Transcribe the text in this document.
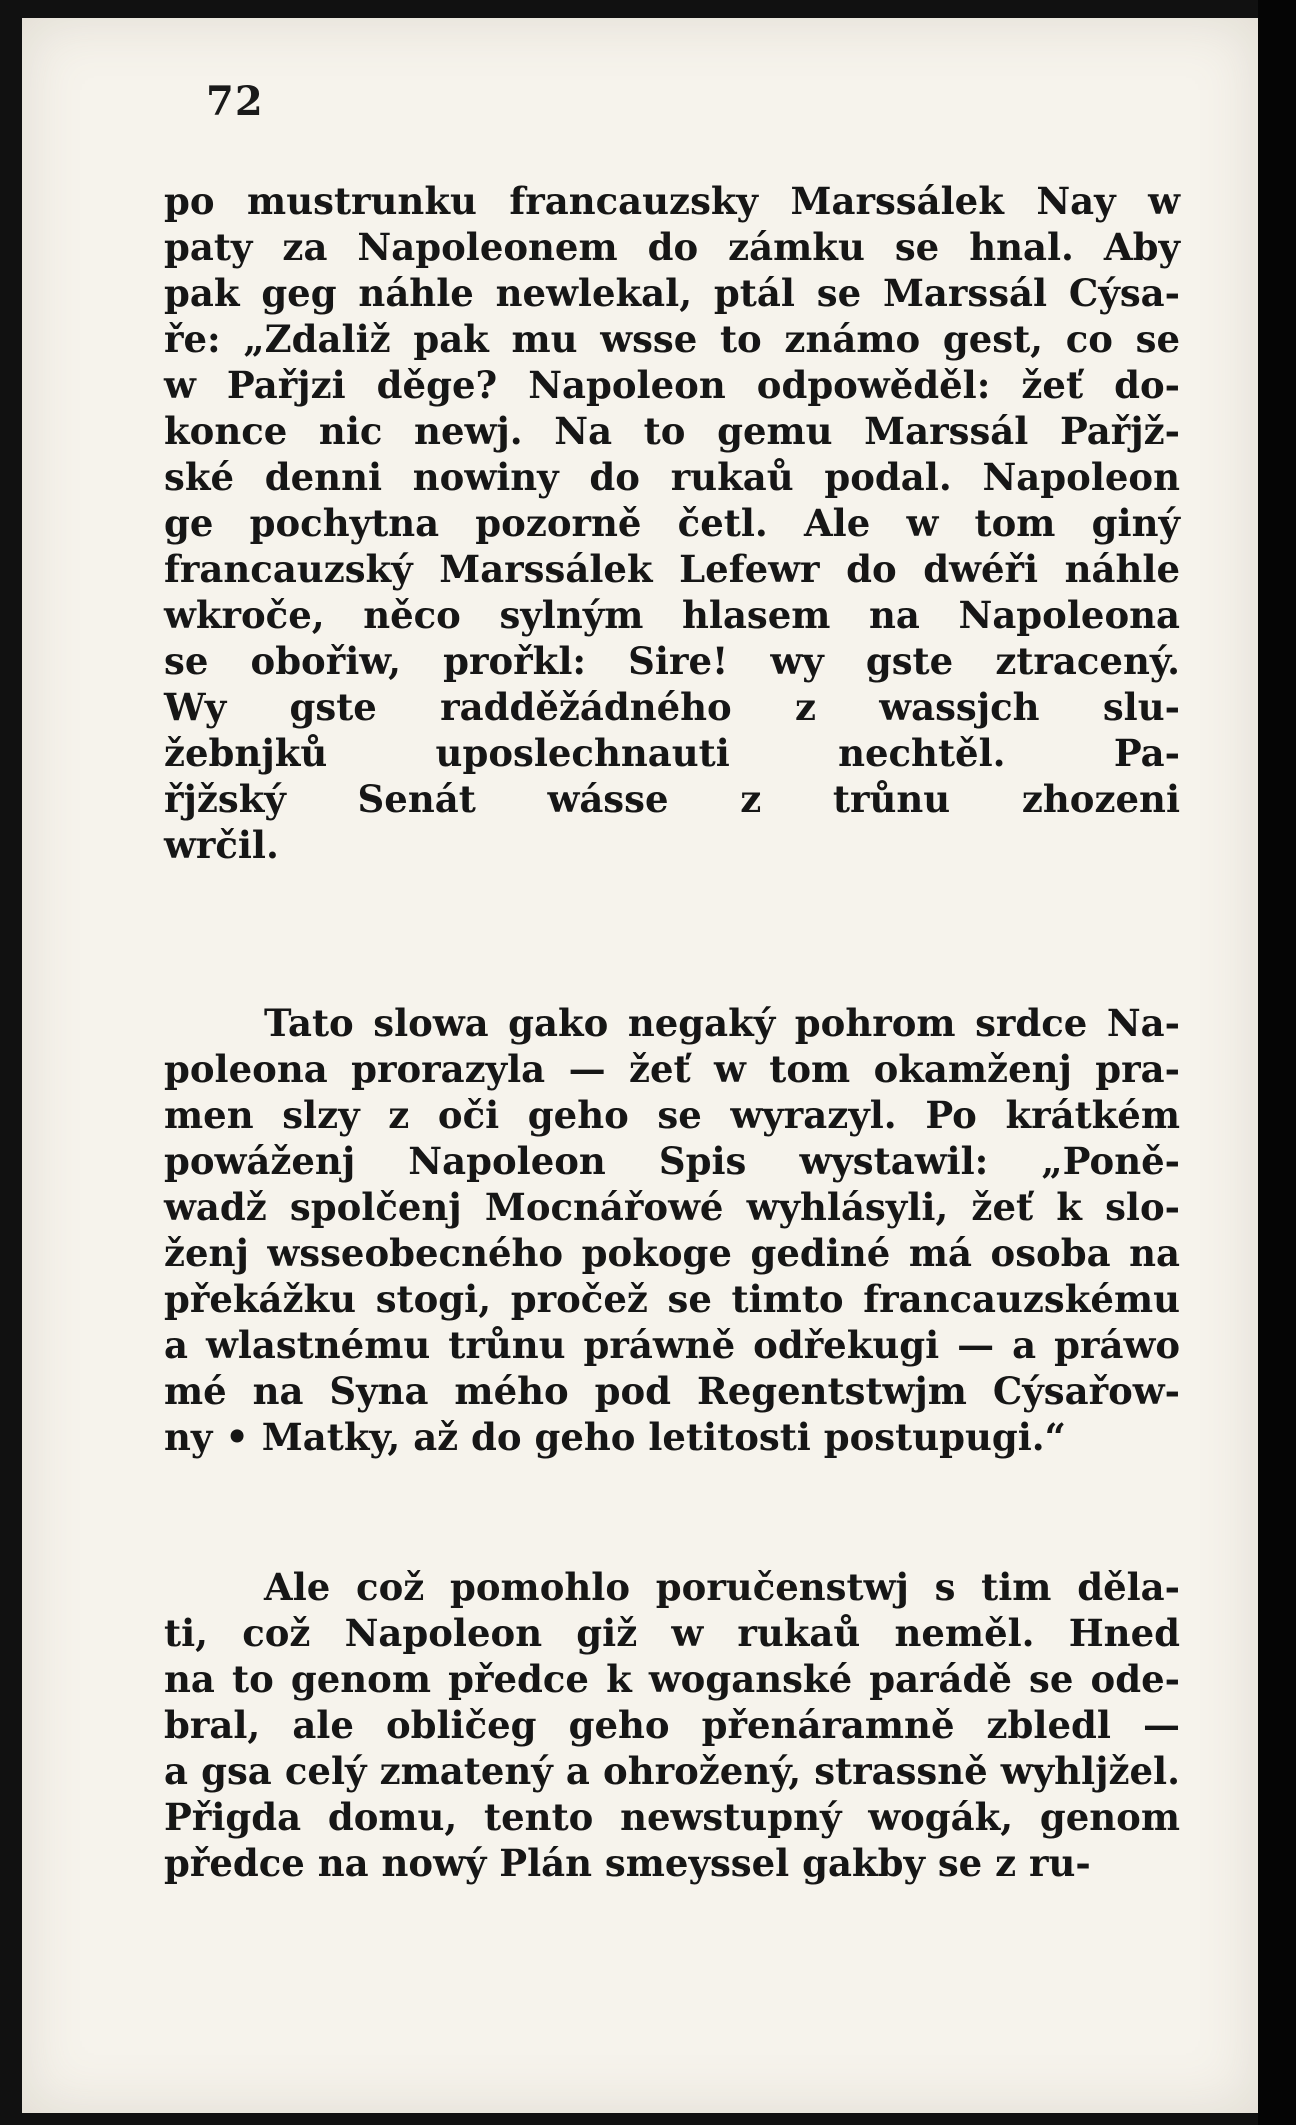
72
po mustrunku francauzsky Marssálek Nay w
paty za Napoleonem do zámku se hnal. Aby
pak geg náhle newlekal, ptál se Marssál Cýsa-
ře: „Zdaliž pak mu wsse to známo gest, co se
w Pařjzi děge? Napoleon odpowěděl: žeť do-
konce nic newj. Na to gemu Marssál Pařjž-
ské denni nowiny do rukaů podal. Napoleon
ge pochytna pozorně četl. Ale w tom giný
francauzský Marssálek Lefewr do dwéři náhle
wkroče, něco sylným hlasem na Napoleona
se obořiw, prořkl: Sire! wy gste ztracený.
Wy gste radděžádného z wassjch slu-
žebnjků uposlechnauti nechtěl. Pa-
řjžský Senát wásse z trůnu zhozeni
wrčil.
Tato slowa gako negaký pohrom srdce Na-
poleona prorazyla — žeť w tom okamženj pra-
men slzy z oči geho se wyrazyl. Po krátkém
powáženj Napoleon Spis wystawil: „Poně-
wadž spolčenj Mocnářowé wyhlásyli, žeť k slo-
ženj wsseobecného pokoge gediné má osoba na
překážku stogi, pročež se timto francauzskému
a wlastnému trůnu práwně odřekugi — a práwo
mé na Syna mého pod Regentstwjm Cýsařow-
ny • Matky, až do geho letitosti postupugi.“
Ale což pomohlo poručenstwj s tim děla-
ti, což Napoleon giž w rukaů neměl. Hned
na to genom předce k woganské parádě se ode-
bral, ale obličeg geho přenáramně zbledl —
a gsa celý zmatený a ohrožený, strassně wyhljžel.
Přigda domu, tento newstupný wogák, genom
předce na nowý Plán smeyssel gakby se z ru-
